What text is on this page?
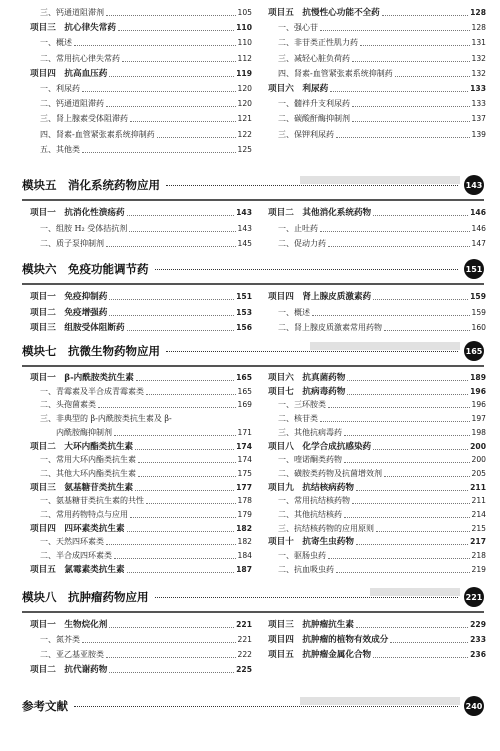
三、钙通道阻滞剂	105
项目三　抗心律失常药	110
一、概述	110
二、常用抗心律失常药	112
项目四　抗高血压药	119
一、利尿药	120
二、钙通道阻滞药	120
三、肾上腺素受体阻滞药	121
四、肾素-血管紧张素系统抑制药	122
五、其他类	125
项目五　抗慢性心功能不全药	128
一、强心苷	128
二、非苷类正性肌力药	131
三、减轻心脏负荷药	132
四、肾素-血管紧张素系统抑制药	132
项目六　利尿药	133
一、髓袢升支利尿药	133
二、碳酸酐酶抑制剂	137
三、保钾利尿药	139
模块五　消化系统药物应用	143
项目一　抗消化性溃疡药	143
一、组胺 H₂ 受体拮抗剂	143
二、质子泵抑制剂	145
项目二　其他消化系统药物	146
一、止吐药	146
二、促动力药	147
模块六　免疫功能调节药	151
项目一　免疫抑制药	151
项目二　免疫增强药	153
项目三　组胺受体阻断药	156
项目四　肾上腺皮质激素药	159
一、概述	159
二、肾上腺皮质激素常用药物	160
模块七　抗微生物药物应用	165
项目一　β-内酰胺类抗生素	165
一、青霉素及半合成青霉素类	165
二、头孢菌素类	169
三、非典型的 β-内酰胺类抗生素及 β-
　　内酰胺酶抑制剂	171
项目二　大环内酯类抗生素	174
一、常用大环内酯类抗生素	174
二、其他大环内酯类抗生素	175
项目三　氨基糖苷类抗生素	177
一、氨基糖苷类抗生素的共性	178
二、常用药物特点与应用	179
项目四　四环素类抗生素	182
一、天然四环素类	182
二、半合成四环素类	184
项目五　氯霉素类抗生素	187
项目六　抗真菌药物	189
项目七　抗病毒药物	196
一、三环胺类	196
二、核苷类	197
三、其他抗病毒药	198
项目八　化学合成抗感染药	200
一、喹诺酮类药物	200
二、磺胺类药物及抗菌增效剂	205
项目九　抗结核病药物	211
一、常用抗结核药物	211
二、其他抗结核药	214
三、抗结核药物的应用原则	215
项目十　抗寄生虫药物	217
一、驱肠虫药	218
二、抗血吸虫药	219
模块八　抗肿瘤药物应用	221
项目一　生物烷化剂	221
一、氮芥类	221
二、亚乙基亚胺类	222
项目二　抗代谢药物	225
项目三　抗肿瘤抗生素	229
项目四　抗肿瘤的植物有效成分	233
项目五　抗肿瘤金属化合物	236
参考文献	240
